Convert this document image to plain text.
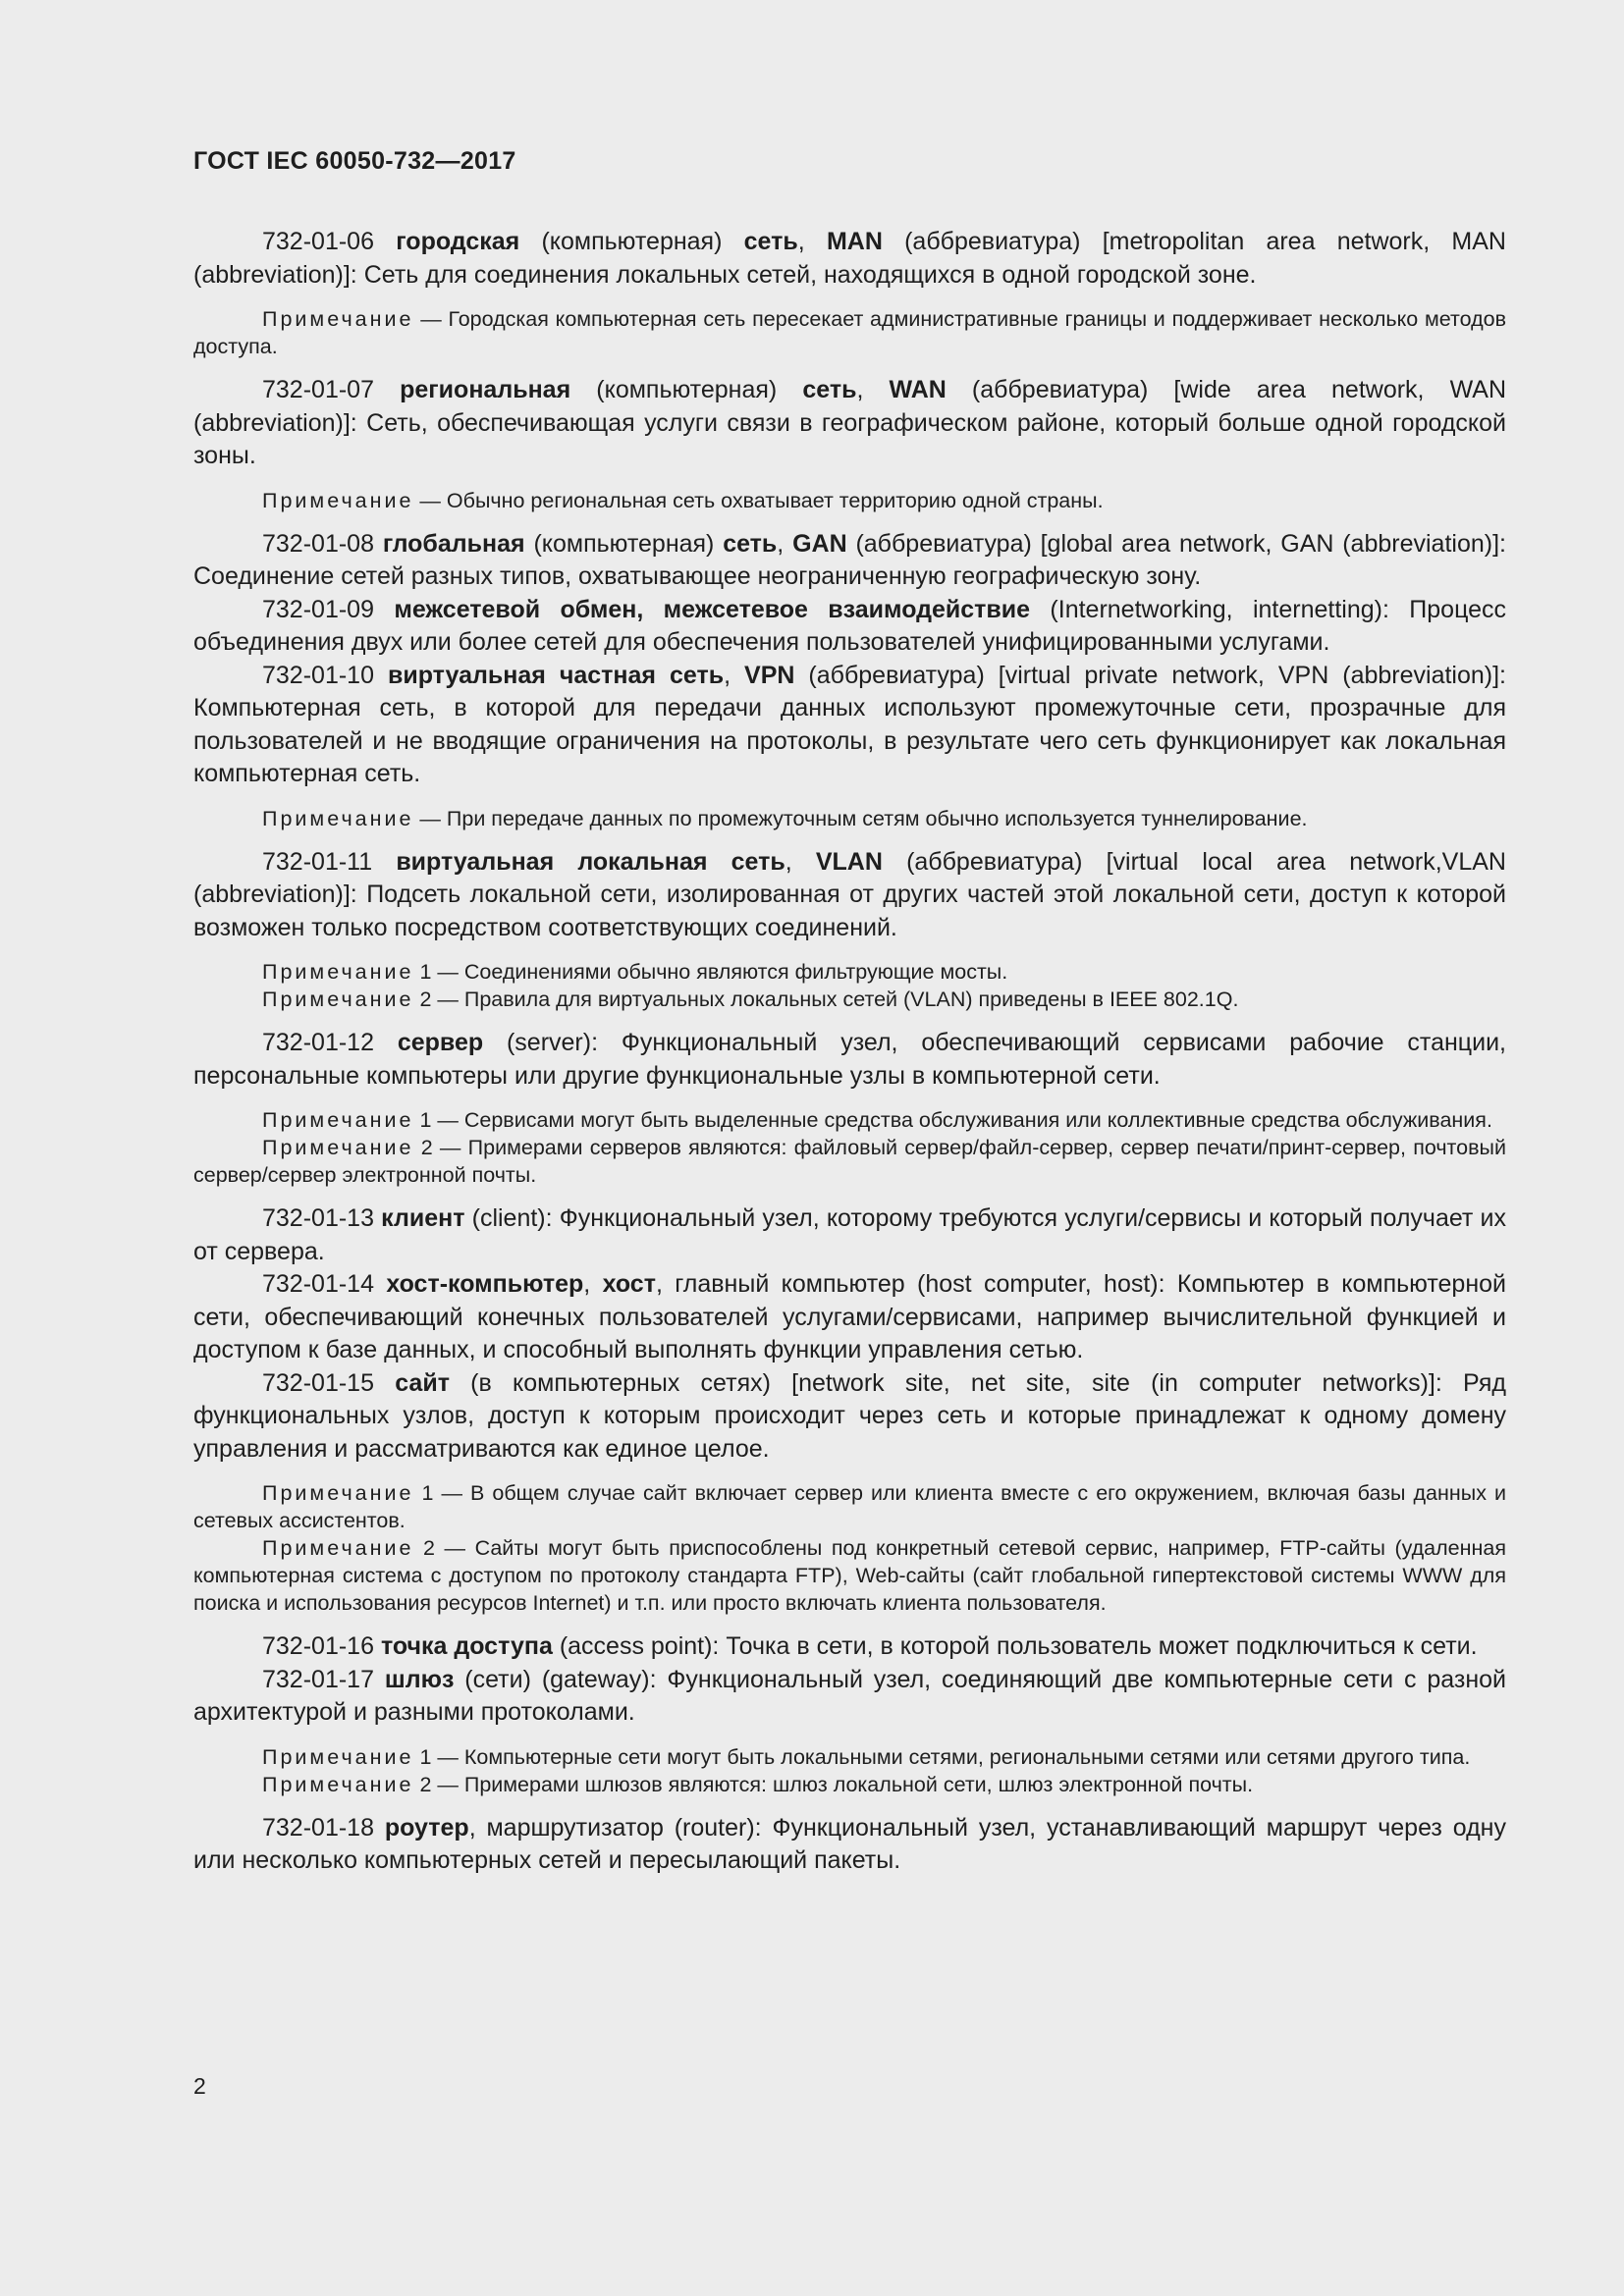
ГОСТ IEC 60050-732—2017

732-01-06 городская (компьютерная) сеть, MAN (аббревиатура) [metropolitan area network, MAN (abbreviation)]: Сеть для соединения локальных сетей, находящихся в одной городской зоне.

Примечание — Городская компьютерная сеть пересекает административные границы и поддерживает несколько методов доступа.

732-01-07 региональная (компьютерная) сеть, WAN (аббревиатура) [wide area network, WAN (abbreviation)]: Сеть, обеспечивающая услуги связи в географическом районе, который больше одной городской зоны.

Примечание — Обычно региональная сеть охватывает территорию одной страны.

732-01-08 глобальная (компьютерная) сеть, GAN (аббревиатура) [global area network, GAN (abbreviation)]: Соединение сетей разных типов, охватывающее неограниченную географическую зону.

732-01-09 межсетевой обмен, межсетевое взаимодействие (Internetworking, internetting): Процесс объединения двух или более сетей для обеспечения пользователей унифицированными услугами.

732-01-10 виртуальная частная сеть, VPN (аббревиатура) [virtual private network, VPN (abbreviation)]: Компьютерная сеть, в которой для передачи данных используют промежуточные сети, прозрачные для пользователей и не вводящие ограничения на протоколы, в результате чего сеть функционирует как локальная компьютерная сеть.

Примечание — При передаче данных по промежуточным сетям обычно используется туннелирование.

732-01-11 виртуальная локальная сеть, VLAN (аббревиатура) [virtual local area network,VLAN (abbreviation)]: Подсеть локальной сети, изолированная от других частей этой локальной сети, доступ к которой возможен только посредством соответствующих соединений.

Примечание 1 — Соединениями обычно являются фильтрующие мосты.

Примечание 2 — Правила для виртуальных локальных сетей (VLAN) приведены в IEEE 802.1Q.

732-01-12 сервер (server): Функциональный узел, обеспечивающий сервисами рабочие станции, персональные компьютеры или другие функциональные узлы в компьютерной сети.

Примечание 1 — Сервисами могут быть выделенные средства обслуживания или коллективные средства обслуживания.

Примечание 2 — Примерами серверов являются: файловый сервер/файл-сервер, сервер печати/принт-сервер, почтовый сервер/сервер электронной почты.

732-01-13 клиент (client): Функциональный узел, которому требуются услуги/сервисы и который получает их от сервера.

732-01-14 хост-компьютер, хост, главный компьютер (host computer, host): Компьютер в компьютерной сети, обеспечивающий конечных пользователей услугами/сервисами, например вычислительной функцией и доступом к базе данных, и способный выполнять функции управления сетью.

732-01-15 сайт (в компьютерных сетях) [network site, net site, site (in computer networks)]: Ряд функциональных узлов, доступ к которым происходит через сеть и которые принадлежат к одному домену управления и рассматриваются как единое целое.

Примечание 1 — В общем случае сайт включает сервер или клиента вместе с его окружением, включая базы данных и сетевых ассистентов.

Примечание 2 — Сайты могут быть приспособлены под конкретный сетевой сервис, например, FTP-сайты (удаленная компьютерная система с доступом по протоколу стандарта FTP), Web-сайты (сайт глобальной гипертекстовой системы WWW для поиска и использования ресурсов Internet) и т.п. или просто включать клиента пользователя.

732-01-16 точка доступа (access point): Точка в сети, в которой пользователь может подключиться к сети.

732-01-17 шлюз (сети) (gateway): Функциональный узел, соединяющий две компьютерные сети с разной архитектурой и разными протоколами.

Примечание 1 — Компьютерные сети могут быть локальными сетями, региональными сетями или сетями другого типа.

Примечание 2 — Примерами шлюзов являются: шлюз локальной сети, шлюз электронной почты.

732-01-18 роутер, маршрутизатор (router): Функциональный узел, устанавливающий маршрут через одну или несколько компьютерных сетей и пересылающий пакеты.

2
